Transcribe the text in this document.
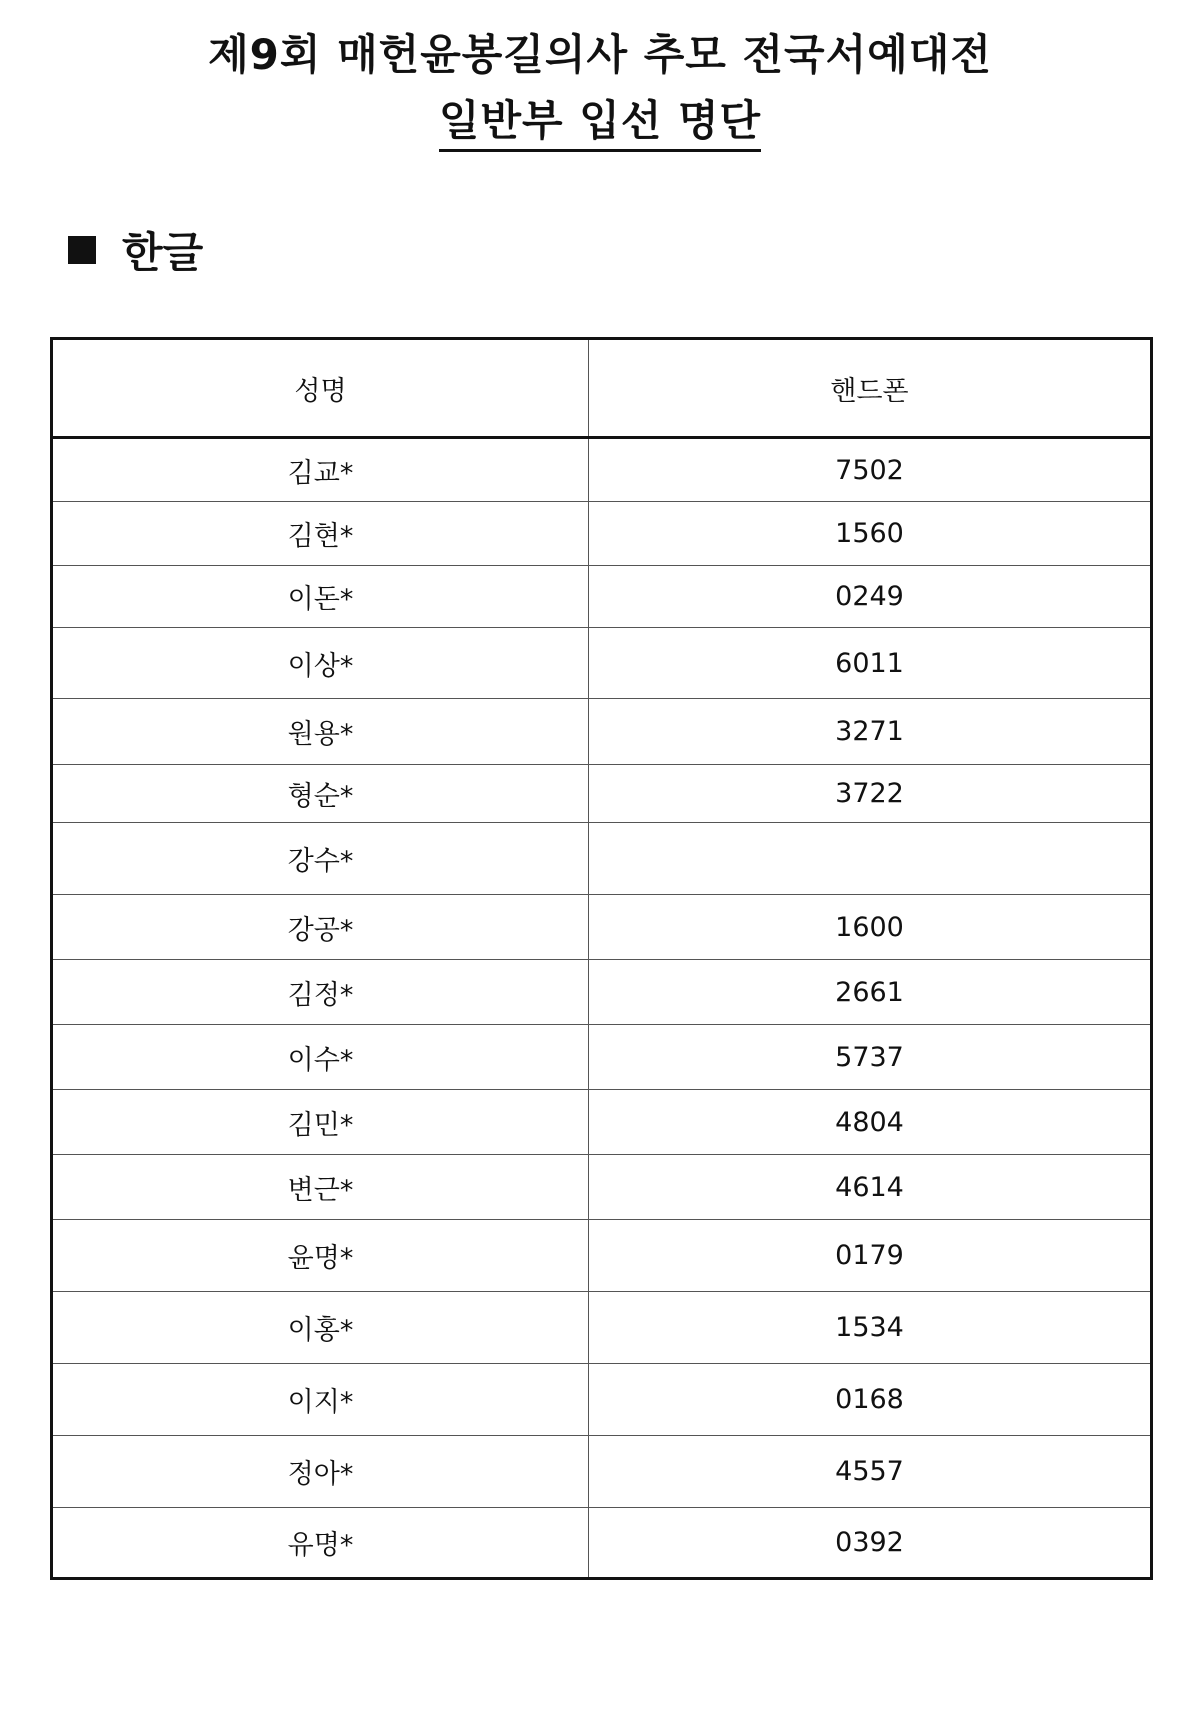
제9회 매헌윤봉길의사 추모 전국서예대전
일반부 입선 명단
한글
성명	핸드폰
김교*	7502
김현*	1560
이돈*	0249
이상*	6011
원용*	3271
형순*	3722
강수*	
강공*	1600
김정*	2661
이수*	5737
김민*	4804
변근*	4614
윤명*	0179
이홍*	1534
이지*	0168
정아*	4557
유명*	0392
